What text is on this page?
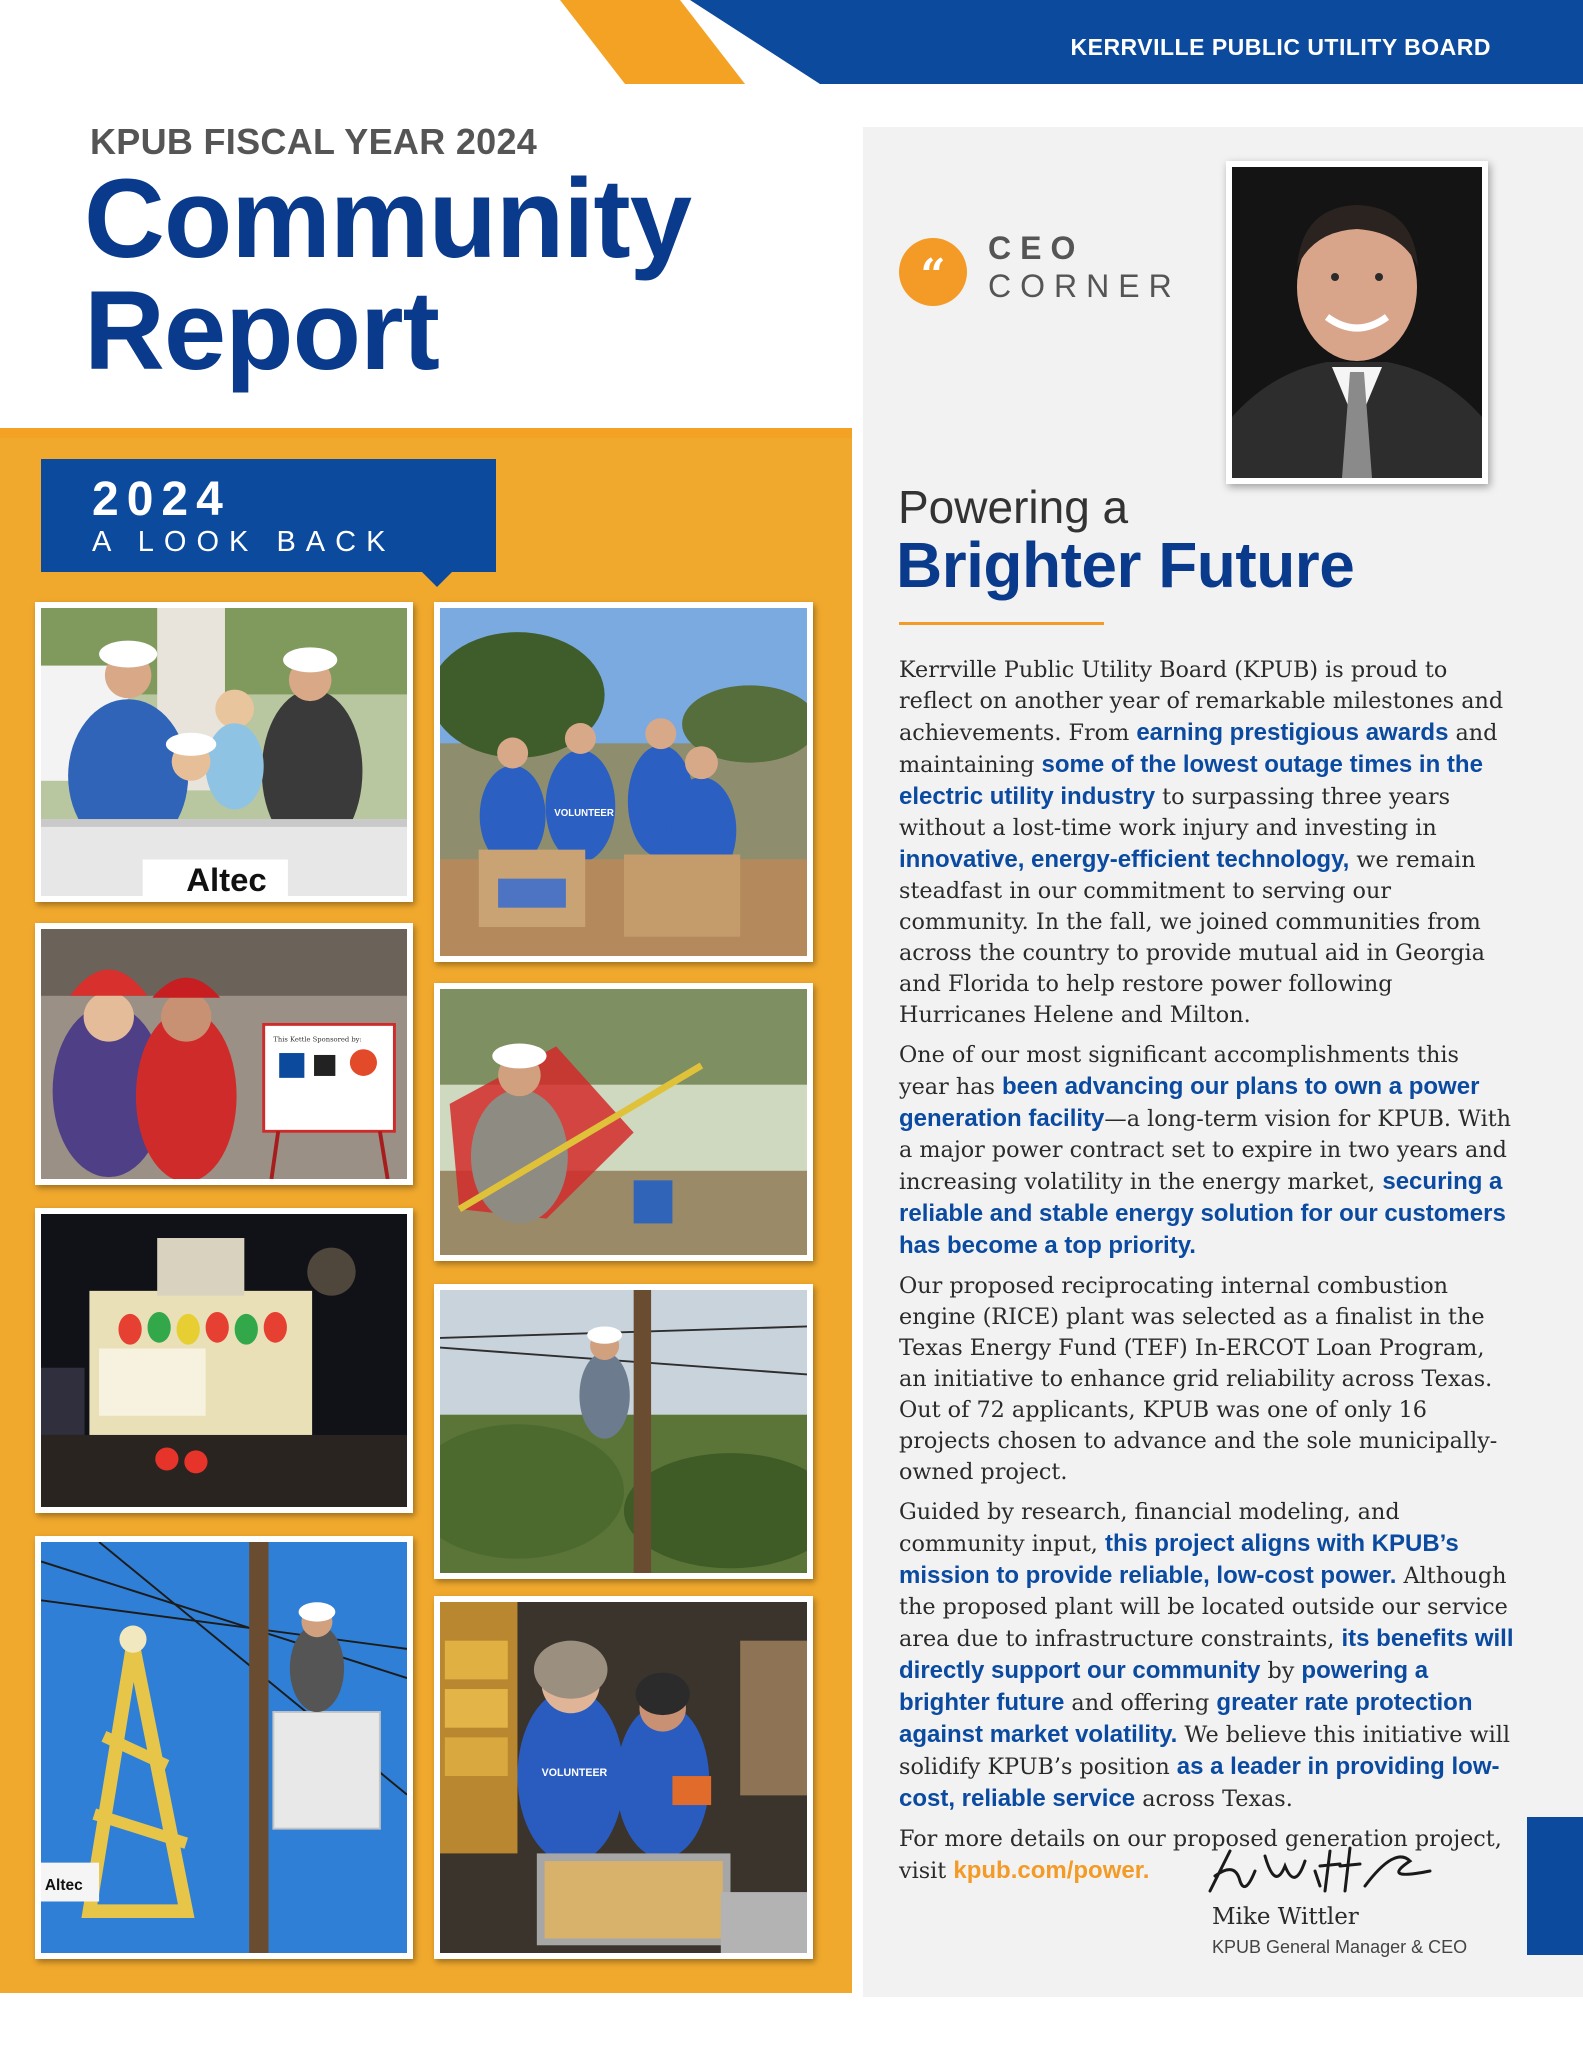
KERRVILLE PUBLIC UTILITY BOARD
KPUB FISCAL YEAR 2024
Community
Report
2024
A LOOK BACK
Altec
VOLUNTEER
This Kettle Sponsored by:
Altec
VOLUNTEER
“
CEO
CORNER
Powering a
Brighter Future

Kerrville Public Utility Board (KPUB) is proud to reflect on another year of remarkable milestones and achievements. From earning prestigious awards and maintaining some of the lowest outage times in the electric utility industry to surpassing three years without a lost-time work injury and investing in innovative, energy-efficient technology, we remain steadfast in our commitment to serving our community. In the fall, we joined communities from across the country to provide mutual aid in Georgia and Florida to help restore power following Hurricanes Helene and Milton.

One of our most significant accomplishments this year has been advancing our plans to own a power generation facility—a long-term vision for KPUB. With a major power contract set to expire in two years and increasing volatility in the energy market, securing a reliable and stable energy solution for our customers has become a top priority.

Our proposed reciprocating internal combustion engine (RICE) plant was selected as a finalist in the Texas Energy Fund (TEF) In-ERCOT Loan Program, an initiative to enhance grid reliability across Texas. Out of 72 applicants, KPUB was one of only 16 projects chosen to advance and the sole municipally-owned project.

Guided by research, financial modeling, and community input, this project aligns with KPUB’s mission to provide reliable, low-cost power. Although the proposed plant will be located outside our service area due to infrastructure constraints, its benefits will directly support our community by powering a brighter future and offering greater rate protection against market volatility. We believe this initiative will solidify KPUB’s position as a leader in providing low-cost, reliable service across Texas.

For more details on our proposed generation project, visit kpub.com/power.

Mike Wittler
KPUB General Manager & CEO
